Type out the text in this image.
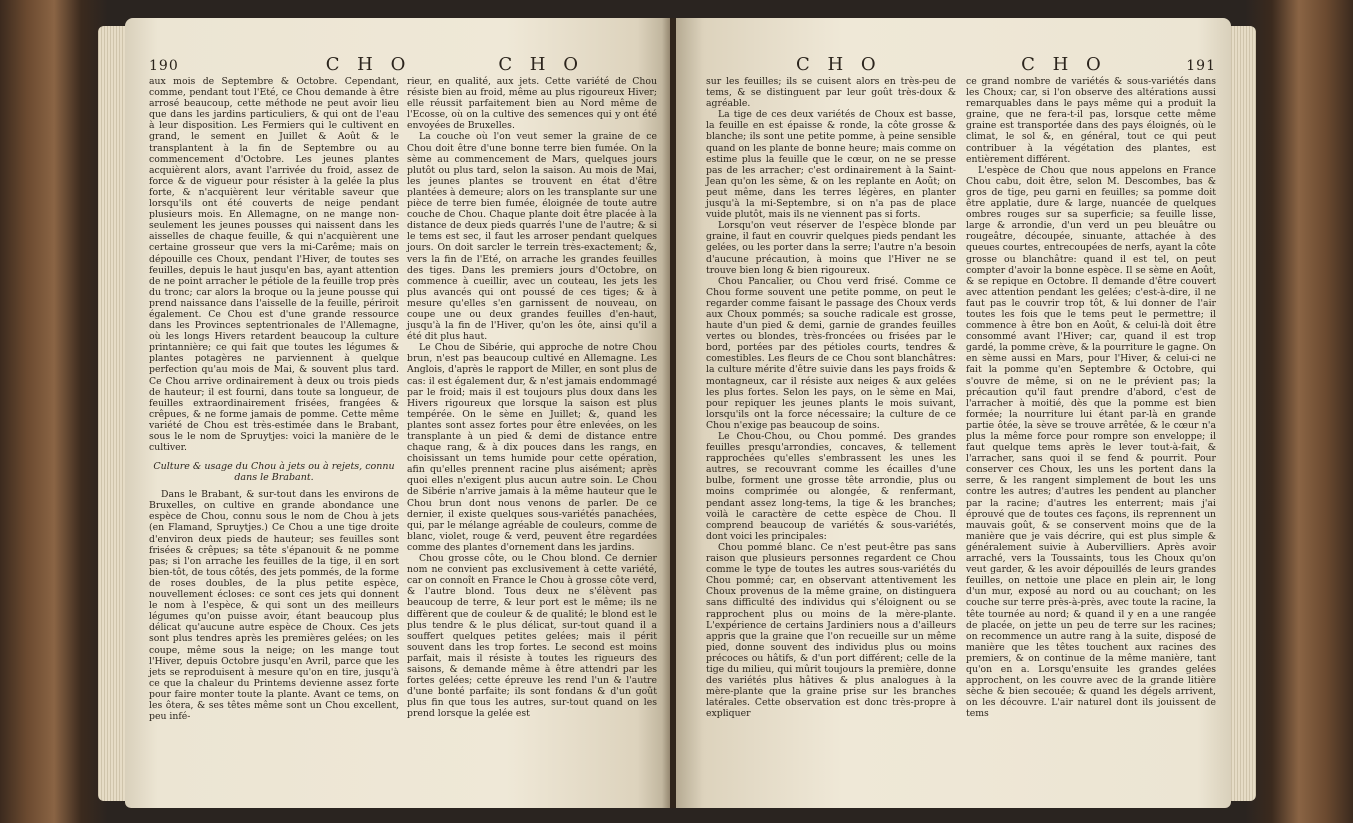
190	C H O	C H O

aux mois de Septembre & Octobre. Cependant, comme, pendant tout l'Eté, ce Chou demande à être arrosé beaucoup, cette méthode ne peut avoir lieu que dans les jardins particuliers, & qui ont de l'eau à leur disposition. Les Fermiers qui le cultivent en grand, le sement en Juillet & Août & le transplantent à la fin de Septembre ou au commencement d'Octobre. Les jeunes plantes acquièrent alors, avant l'arrivée du froid, assez de force & de vigueur pour résister à la gelée la plus forte, & n'acquièrent leur véritable saveur que lorsqu'ils ont été couverts de neige pendant plusieurs mois. En Allemagne, on ne mange non-seulement les jeunes pousses qui naissent dans les aisselles de chaque feuille, & qui n'acquièrent une certaine grosseur que vers la mi-Carême; mais on dépouille ces Choux, pendant l'Hiver, de toutes ses feuilles, depuis le haut jusqu'en bas, ayant attention de ne point arracher le pétiole de la feuille trop près du tronc; car alors la broque ou la jeune pousse qui prend naissance dans l'aisselle de la feuille, périroit également. Ce Chou est d'une grande ressource dans les Provinces septentrionales de l'Allemagne, où les longs Hivers retardent beaucoup la culture printannière; ce qui fait que toutes les légumes & plantes potagères ne parviennent à quelque perfection qu'au mois de Mai, & souvent plus tard. Ce Chou arrive ordinairement à deux ou trois pieds de hauteur; il est fourni, dans toute sa longueur, de feuilles extraordinairement frisées, frangées & crêpues, & ne forme jamais de pomme. Cette même variété de Chou est très-estimée dans le Brabant, sous le le nom de Spruytjes: voici la manière de le cultiver.

Culture & usage du Chou à jets ou à rejets, connu dans le Brabant.

Dans le Brabant, & sur-tout dans les environs de Bruxelles, on cultive en grande abondance une espèce de Chou, connu sous le nom de Chou à jets (en Flamand, Spruytjes.) Ce Chou a une tige droite d'environ deux pieds de hauteur; ses feuilles sont frisées & crêpues; sa tête s'épanouit & ne pomme pas; si l'on arrache les feuilles de la tige, il en sort bien-tôt, de tous côtés, des jets pommés, de la forme de roses doubles, de la plus petite espèce, nouvellement écloses: ce sont ces jets qui donnent le nom à l'espèce, & qui sont un des meilleurs légumes qu'on puisse avoir, étant beaucoup plus délicat qu'aucune autre espèce de Choux. Ces jets sont plus tendres après les premières gelées; on les coupe, même sous la neige; on les mange tout l'Hiver, depuis Octobre jusqu'en Avril, parce que les jets se reproduisent à mesure qu'on en tire, jusqu'à ce que la chaleur du Printems devienne assez forte pour faire monter toute la plante. Avant ce tems, on les ôtera, & ses têtes même sont un Chou excellent, peu infé-

rieur, en qualité, aux jets. Cette variété de Chou résiste bien au froid, même au plus rigoureux Hiver; elle réussit parfaitement bien au Nord même de l'Ecosse, où on la cultive des semences qui y ont été envoyées de Bruxelles.

La couche où l'on veut semer la graine de ce Chou doit être d'une bonne terre bien fumée. On la sème au commencement de Mars, quelques jours plutôt ou plus tard, selon la saison. Au mois de Mai, les jeunes plantes se trouvent en état d'être plantées à demeure; alors on les transplante sur une pièce de terre bien fumée, éloignée de toute autre couche de Chou. Chaque plante doit être placée à la distance de deux pieds quarrés l'une de l'autre; & si le tems est sec, il faut les arroser pendant quelques jours. On doit sarcler le terrein très-exactement; &, vers la fin de l'Eté, on arrache les grandes feuilles des tiges. Dans les premiers jours d'Octobre, on commence à cueillir, avec un couteau, les jets les plus avancés qui ont poussé de ces tiges; & à mesure qu'elles s'en garnissent de nouveau, on coupe une ou deux grandes feuilles d'en-haut, jusqu'à la fin de l'Hiver, qu'on les ôte, ainsi qu'il a été dit plus haut.

Le Chou de Sibérie, qui approche de notre Chou brun, n'est pas beaucoup cultivé en Allemagne. Les Anglois, d'après le rapport de Miller, en sont plus de cas: il est également dur, & n'est jamais endommagé par le froid; mais il est toujours plus doux dans les Hivers rigoureux que lorsque la saison est plus tempérée. On le sème en Juillet; &, quand les plantes sont assez fortes pour être enlevées, on les transplante à un pied & demi de distance entre chaque rang, & à dix pouces dans les rangs, en choisissant un tems humide pour cette opération, afin qu'elles prennent racine plus aisément; après quoi elles n'exigent plus aucun autre soin. Le Chou de Sibérie n'arrive jamais à la même hauteur que le Chou brun dont nous venons de parler. De ce dernier, il existe quelques sous-variétés panachées, qui, par le mélange agréable de couleurs, comme de blanc, violet, rouge & verd, peuvent être regardées comme des plantes d'ornement dans les jardins.

Chou grosse côte, ou le Chou blond. Ce dernier nom ne convient pas exclusivement à cette variété, car on connoît en France le Chou à grosse côte verd, & l'autre blond. Tous deux ne s'élèvent pas beaucoup de terre, & leur port est le même; ils ne diffèrent que de couleur & de qualité; le blond est le plus tendre & le plus délicat, sur-tout quand il a souffert quelques petites gelées; mais il périt souvent dans les trop fortes. Le second est moins parfait, mais il résiste à toutes les rigueurs des saisons, & demande même à être attendri par les fortes gelées; cette épreuve les rend l'un & l'autre d'une bonté parfaite; ils sont fondans & d'un goût plus fin que tous les autres, sur-tout quand on les prend lorsque la gelée est

C H O	C H O	191

sur les feuilles; ils se cuisent alors en très-peu de tems, & se distinguent par leur goût très-doux & agréable.

La tige de ces deux variétés de Choux est basse, la feuille en est épaisse & ronde, la côte grosse & blanche; ils sont une petite pomme, à peine sensible quand on les plante de bonne heure; mais comme on estime plus la feuille que le cœur, on ne se presse pas de les arracher; c'est ordinairement à la Saint-Jean qu'on les sème, & on les replante en Août; on peut même, dans les terres légères, en planter jusqu'à la mi-Septembre, si on n'a pas de place vuide plutôt, mais ils ne viennent pas si forts.

Lorsqu'on veut réserver de l'espèce blonde par graine, il faut en couvrir quelques pieds pendant les gelées, ou les porter dans la serre; l'autre n'a besoin d'aucune précaution, à moins que l'Hiver ne se trouve bien long & bien rigoureux.

Chou Pancalier, ou Chou verd frisé. Comme ce Chou forme souvent une petite pomme, on peut le regarder comme faisant le passage des Choux verds aux Choux pommés; sa souche radicale est grosse, haute d'un pied & demi, garnie de grandes feuilles vertes ou blondes, très-froncées ou frisées par le bord, portées par des pétioles courts, tendres & comestibles. Les fleurs de ce Chou sont blanchâtres: la culture mérite d'être suivie dans les pays froids & montagneux, car il résiste aux neiges & aux gelées les plus fortes. Selon les pays, on le sème en Mai, pour repiquer les jeunes plants le mois suivant, lorsqu'ils ont la force nécessaire; la culture de ce Chou n'exige pas beaucoup de soins.

Le Chou-Chou, ou Chou pommé. Des grandes feuilles presqu'arrondies, concaves, & tellement rapprochées qu'elles s'embrassent les unes les autres, se recouvrant comme les écailles d'une bulbe, forment une grosse tête arrondie, plus ou moins comprimée ou alongée, & renfermant, pendant assez long-tems, la tige & les branches; voilà le caractère de cette espèce de Chou. Il comprend beaucoup de variétés & sous-variétés, dont voici les principales:

Chou pommé blanc. Ce n'est peut-être pas sans raison que plusieurs personnes regardent ce Chou comme le type de toutes les autres sous-variétés du Chou pommé; car, en observant attentivement les Choux provenus de la même graine, on distinguera sans difficulté des individus qui s'éloignent ou se rapprochent plus ou moins de la mère-plante. L'expérience de certains Jardiniers nous a d'ailleurs appris que la graine que l'on recueille sur un même pied, donne souvent des individus plus ou moins précoces ou hâtifs, & d'un port différent; celle de la tige du milieu, qui mûrit toujours la première, donne des variétés plus hâtives & plus analogues à la mère-plante que la graine prise sur les branches latérales. Cette observation est donc très-propre à expliquer

ce grand nombre de variétés & sous-variétés dans les Choux; car, si l'on observe des altérations aussi remarquables dans le pays même qui a produit la graine, que ne fera-t-il pas, lorsque cette même graine est transportée dans des pays éloignés, où le climat, le sol &, en général, tout ce qui peut contribuer à la végétation des plantes, est entièrement différent.

L'espèce de Chou que nous appelons en France Chou cabu, doit être, selon M. Descombes, bas & gros de tige, peu garni en feuilles; sa pomme doit être applatie, dure & large, nuancée de quelques ombres rouges sur sa superficie; sa feuille lisse, large & arrondie, d'un verd un peu bleuâtre ou rougeâtre, découpée, sinuante, attachée à des queues courtes, entrecoupées de nerfs, ayant la côte grosse ou blanchâtre: quand il est tel, on peut compter d'avoir la bonne espèce. Il se sème en Août, & se repique en Octobre. Il demande d'être couvert avec attention pendant les gelées; c'est-à-dire, il ne faut pas le couvrir trop tôt, & lui donner de l'air toutes les fois que le tems peut le permettre; il commence à être bon en Août, & celui-là doit être consommé avant l'Hiver; car, quand il est trop gardé, la pomme crève, & la pourriture le gagne. On en sème aussi en Mars, pour l'Hiver, & celui-ci ne fait la pomme qu'en Septembre & Octobre, qui s'ouvre de même, si on ne le prévient pas; la précaution qu'il faut prendre d'abord, c'est de l'arracher à moitié, dès que la pomme est bien formée; la nourriture lui étant par-là en grande partie ôtée, la sève se trouve arrêtée, & le cœur n'a plus la même force pour rompre son enveloppe; il faut quelque tems après le lever tout-à-fait, & l'arracher, sans quoi il se fend & pourrit. Pour conserver ces Choux, les uns les portent dans la serre, & les rangent simplement de bout les uns contre les autres; d'autres les pendent au plancher par la racine; d'autres les enterrent; mais j'ai éprouvé que de toutes ces façons, ils reprennent un mauvais goût, & se conservent moins que de la manière que je vais décrire, qui est plus simple & généralement suivie à Aubervilliers. Après avoir arraché, vers la Toussaints, tous les Choux qu'on veut garder, & les avoir dépouillés de leurs grandes feuilles, on nettoie une place en plein air, le long d'un mur, exposé au nord ou au couchant; on les couche sur terre près-à-près, avec toute la racine, la tête tournée au nord; & quand il y en a une rangée de placée, on jette un peu de terre sur les racines; on recommence un autre rang à la suite, disposé de manière que les têtes touchent aux racines des premiers, & on continue de la même manière, tant qu'on en a. Lorsqu'ensuite les grandes gelées approchent, on les couvre avec de la grande litière sèche & bien secouée; & quand les dégels arrivent, on les découvre. L'air naturel dont ils jouissent de tems
